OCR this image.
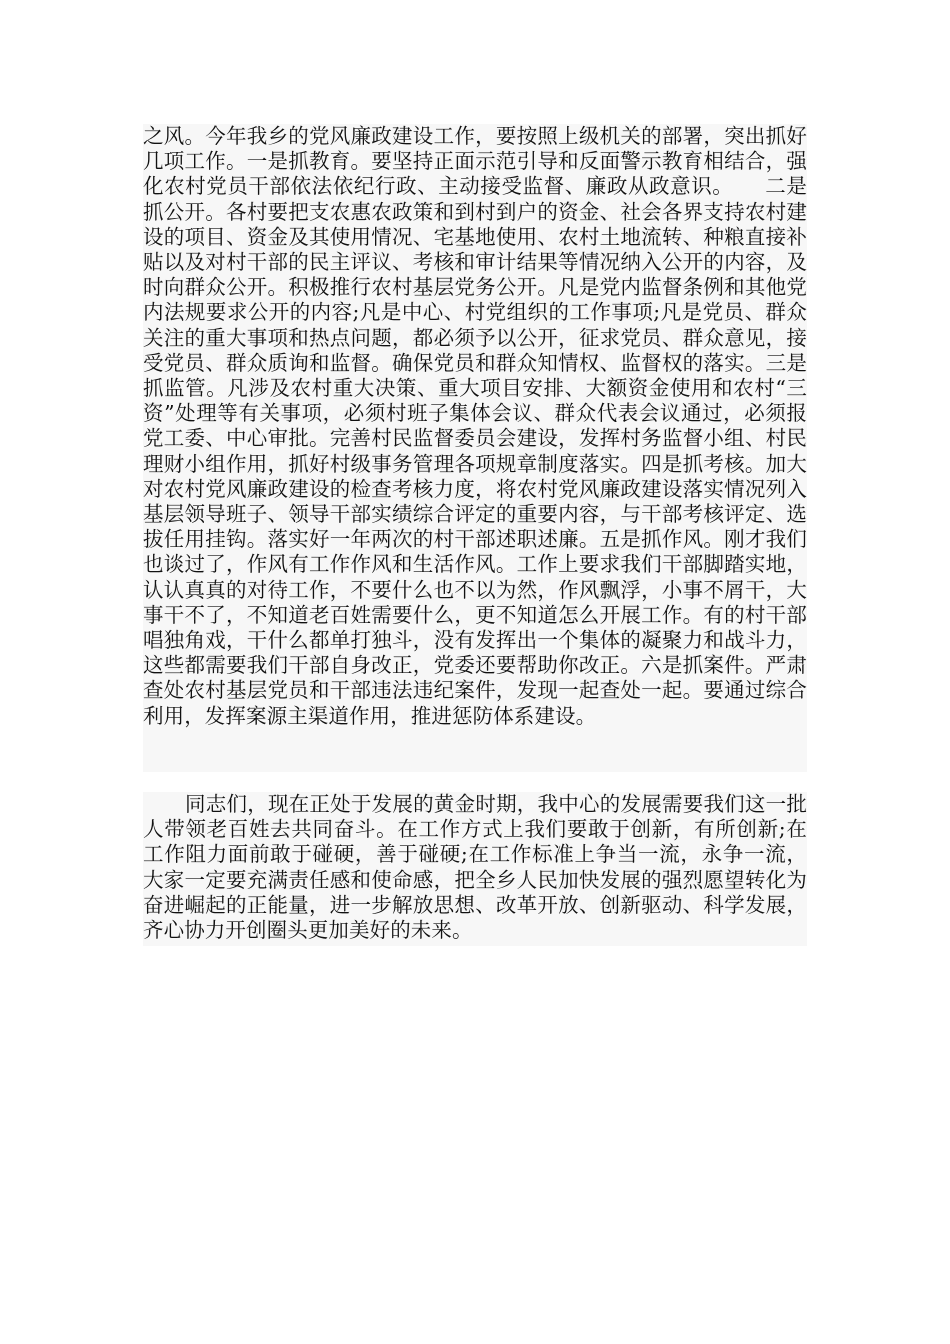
之风。今年我乡的党风廉政建设工作，要按照上级机关的部署，突出抓好几项工作。一是抓教育。要坚持正面示范引导和反面警示教育相结合，强化农村党员干部依法依纪行政、主动接受监督、廉政从政意识。　　二是抓公开。各村要把支农惠农政策和到村到户的资金、社会各界支持农村建设的项目、资金及其使用情况、宅基地使用、农村土地流转、种粮直接补贴以及对村干部的民主评议、考核和审计结果等情况纳入公开的内容，及时向群众公开。积极推行农村基层党务公开。凡是党内监督条例和其他党内法规要求公开的内容;凡是中心、村党组织的工作事项;凡是党员、群众关注的重大事项和热点问题，都必须予以公开，征求党员、群众意见，接受党员、群众质询和监督。确保党员和群众知情权、监督权的落实。三是抓监管。凡涉及农村重大决策、重大项目安排、大额资金使用和农村“三资”处理等有关事项，必须村班子集体会议、群众代表会议通过，必须报党工委、中心审批。完善村民监督委员会建设，发挥村务监督小组、村民理财小组作用，抓好村级事务管理各项规章制度落实。四是抓考核。加大对农村党风廉政建设的检查考核力度，将农村党风廉政建设落实情况列入基层领导班子、领导干部实绩综合评定的重要内容，与干部考核评定、选拔任用挂钩。落实好一年两次的村干部述职述廉。五是抓作风。刚才我们也谈过了，作风有工作作风和生活作风。工作上要求我们干部脚踏实地，认认真真的对待工作，不要什么也不以为然，作风飘浮，小事不屑干，大事干不了，不知道老百姓需要什么，更不知道怎么开展工作。有的村干部唱独角戏，干什么都单打独斗，没有发挥出一个集体的凝聚力和战斗力，这些都需要我们干部自身改正，党委还要帮助你改正。六是抓案件。严肃查处农村基层党员和干部违法违纪案件，发现一起查处一起。要通过综合利用，发挥案源主渠道作用，推进惩防体系建设。

同志们，现在正处于发展的黄金时期，我中心的发展需要我们这一批人带领老百姓去共同奋斗。在工作方式上我们要敢于创新，有所创新;在工作阻力面前敢于碰硬，善于碰硬;在工作标准上争当一流，永争一流，大家一定要充满责任感和使命感，把全乡人民加快发展的强烈愿望转化为奋进崛起的正能量，进一步解放思想、改革开放、创新驱动、科学发展，齐心协力开创圈头更加美好的未来。
